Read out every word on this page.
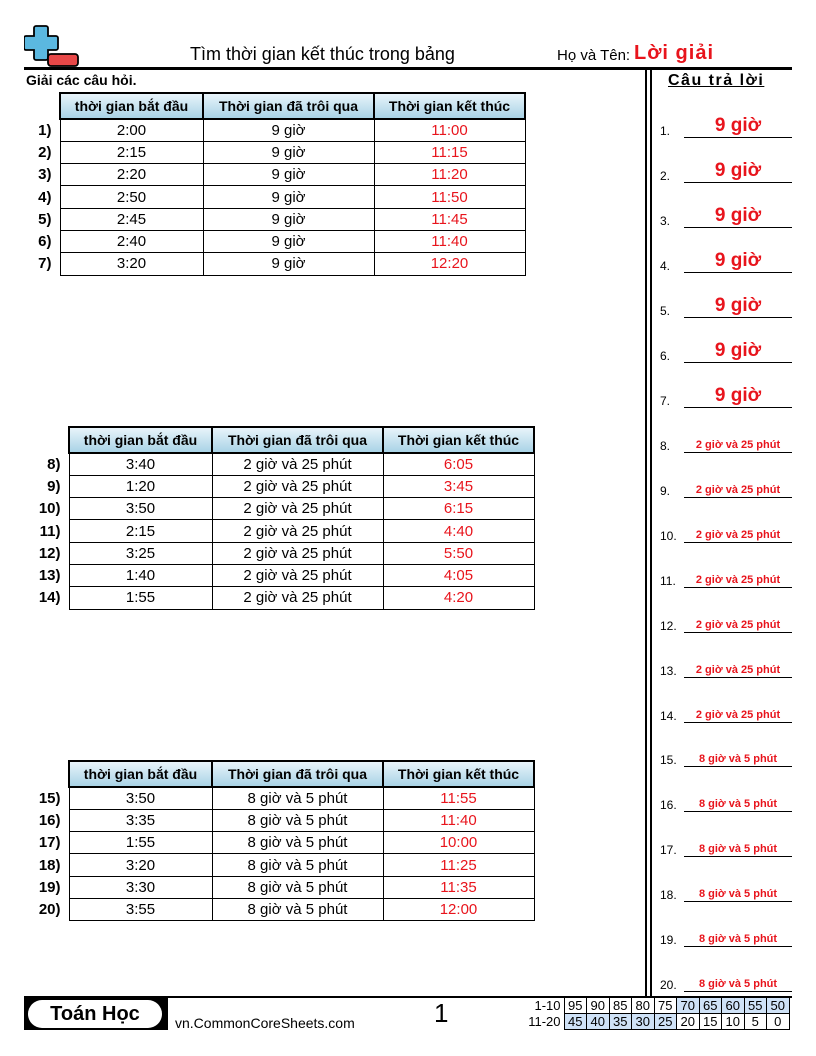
Tìm thời gian kết thúc trong bảng	Họ và Tên: Lời giải
Giải các câu hỏi.	Câu trả lời
	thời gian bắt đầu	Thời gian đã trôi qua	Thời gian kết thúc
1)	2:00	9 giờ	11:00
2)	2:15	9 giờ	11:15
3)	2:20	9 giờ	11:20
4)	2:50	9 giờ	11:50
5)	2:45	9 giờ	11:45
6)	2:40	9 giờ	11:40
7)	3:20	9 giờ	12:20
	thời gian bắt đầu	Thời gian đã trôi qua	Thời gian kết thúc
8)	3:40	2 giờ và 25 phút	6:05
9)	1:20	2 giờ và 25 phút	3:45
10)	3:50	2 giờ và 25 phút	6:15
11)	2:15	2 giờ và 25 phút	4:40
12)	3:25	2 giờ và 25 phút	5:50
13)	1:40	2 giờ và 25 phút	4:05
14)	1:55	2 giờ và 25 phút	4:20
	thời gian bắt đầu	Thời gian đã trôi qua	Thời gian kết thúc
15)	3:50	8 giờ và 5 phút	11:55
16)	3:35	8 giờ và 5 phút	11:40
17)	1:55	8 giờ và 5 phút	10:00
18)	3:20	8 giờ và 5 phút	11:25
19)	3:30	8 giờ và 5 phút	11:35
20)	3:55	8 giờ và 5 phút	12:00
1.	9 giờ
2.	9 giờ
3.	9 giờ
4.	9 giờ
5.	9 giờ
6.	9 giờ
7.	9 giờ
8.	2 giờ và 25 phút
9.	2 giờ và 25 phút
10.	2 giờ và 25 phút
11.	2 giờ và 25 phút
12.	2 giờ và 25 phút
13.	2 giờ và 25 phút
14.	2 giờ và 25 phút
15.	8 giờ và 5 phút
16.	8 giờ và 5 phút
17.	8 giờ và 5 phút
18.	8 giờ và 5 phút
19.	8 giờ và 5 phút
20.	8 giờ và 5 phút
Toán Học	vn.CommonCoreSheets.com	1	1-10	95	90	85	80	75	70	65	60	55	50
11-20	45	40	35	30	25	20	15	10	5	0
